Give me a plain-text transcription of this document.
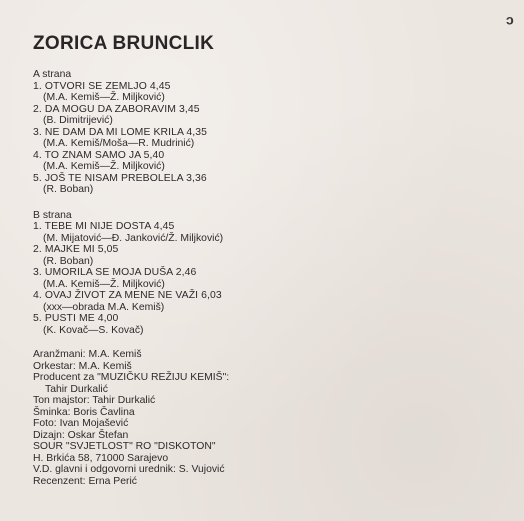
c
ZORICA BRUNCLIK

A strana

1. OTVORI SE ZEMLJO 4,45

(M.A. Kemiš—Ž. Miljković)

2. DA MOGU DA ZABORAVIM 3,45

(B. Dimitrijević)

3. NE DAM DA MI LOME KRILA 4,35

(M.A. Kemiš/Moša—R. Mudrinić)

4. TO ZNAM SAMO JA 5,40

(M.A. Kemiš—Ž. Miljković)

5. JOŠ TE NISAM PREBOLELA 3,36

(R. Boban)

B strana

1. TEBE MI NIJE DOSTA 4,45

(M. Mijatović—Đ. Janković/Ž. Miljković)

2. MAJKE MI 5,05

(R. Boban)

3. UMORILA SE MOJA DUŠA 2,46

(M.A. Kemiš—Ž. Miljković)

4. OVAJ ŽIVOT ZA MENE NE VAŽI 6,03

(xxx—obrada M.A. Kemiš)

5. PUSTI ME 4,00

(K. Kovač—S. Kovač)

Aranžmani: M.A. Kemiš

Orkestar: M.A. Kemiš

Producent za "MUZIČKU REŽIJU KEMIŠ":

Tahir Durkalić

Ton majstor: Tahir Durkalić

Šminka: Boris Čavlina

Foto: Ivan Mojašević

Dizajn: Oskar Štefan

SOUR "SVJETLOST" RO "DISKOTON"

H. Brkića 58, 71000 Sarajevo

V.D. glavni i odgovorni urednik: S. Vujović

Recenzent: Erna Perić
